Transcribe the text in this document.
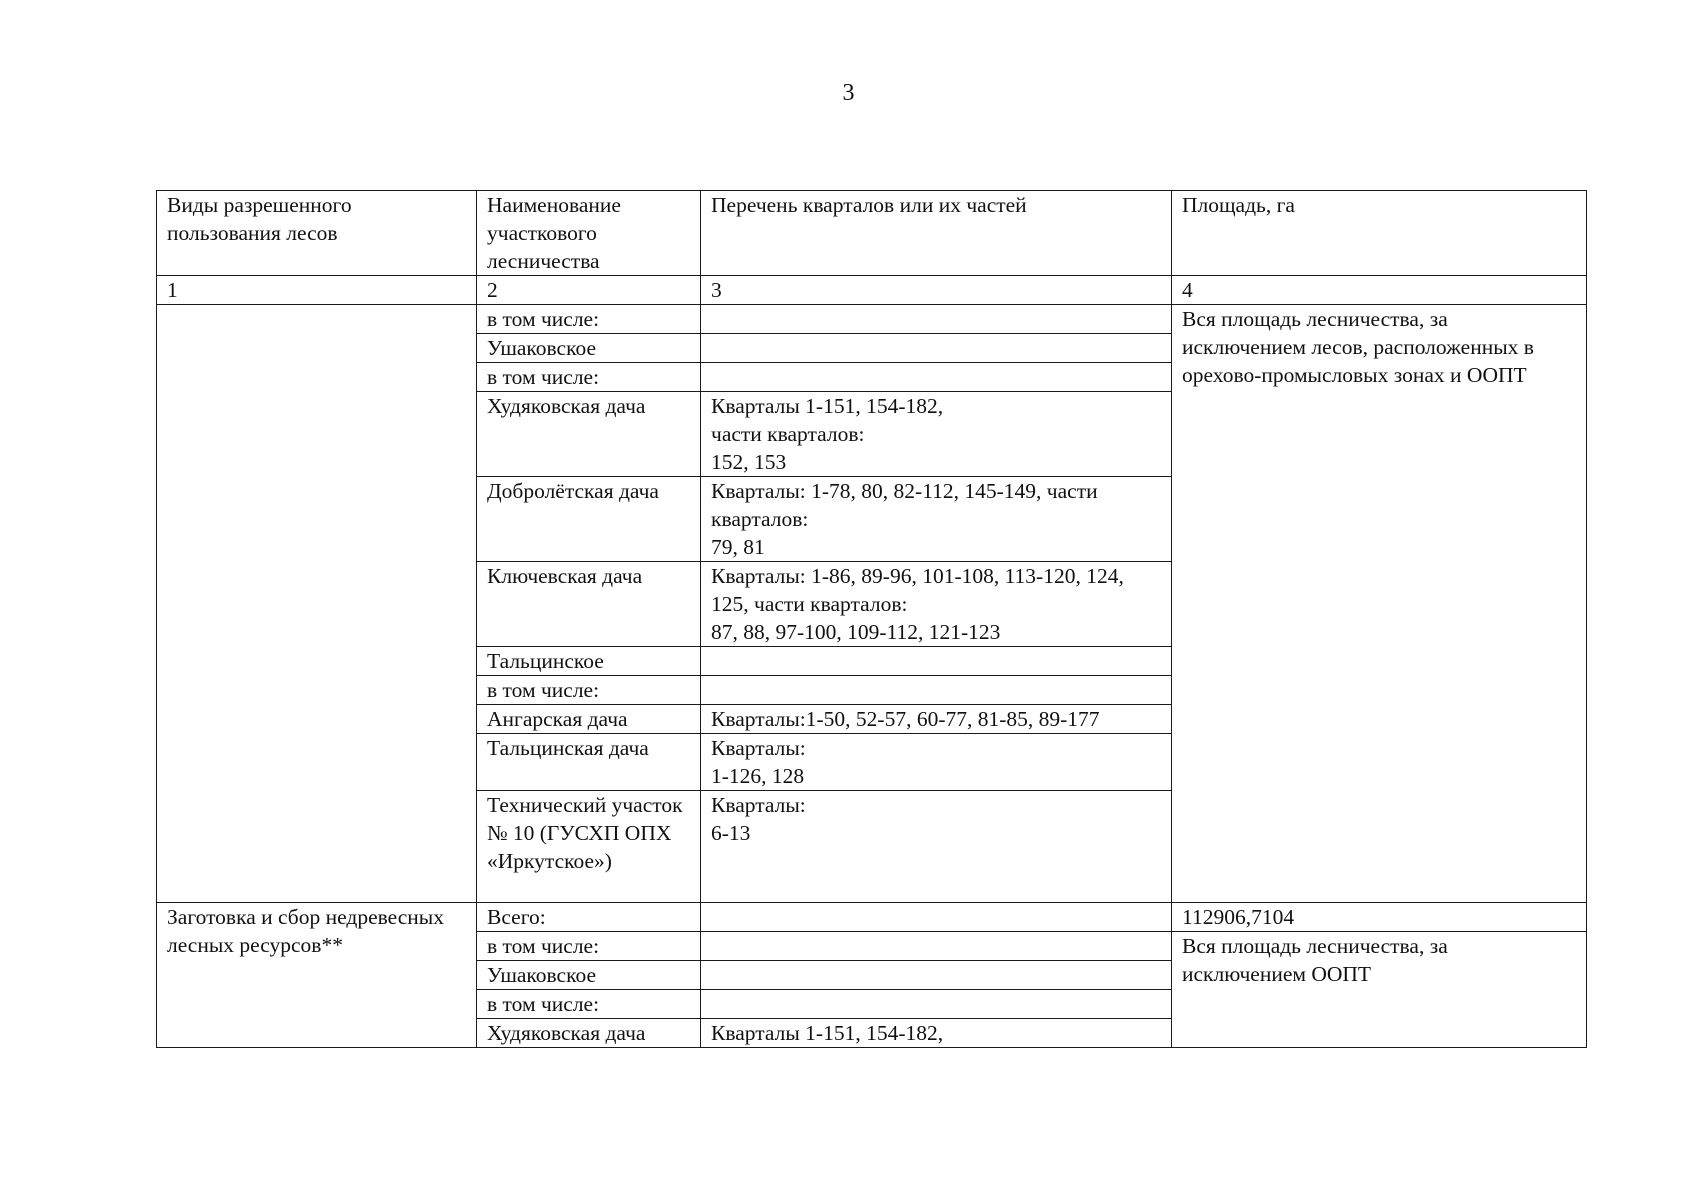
3
Виды разрешенного пользования лесов	Наименование участкового лесничества	Перечень кварталов или их частей	Площадь, га
1	2	3	4
	в том числе:		Вся площадь лесничества, за исключением лесов, расположенных в орехово-промысловых зонах и ООПТ
	Ушаковское		
	в том числе:		
	Худяковская дача	Кварталы 1-151, 154-182,
части кварталов:
152, 153	

	Добролётская дача	Кварталы: 1-78, 80, 82-112, 145-149, части кварталов:
79, 81	

	Ключевская дача	Кварталы: 1-86, 89-96, 101-108, 113-120, 124, 125, части кварталов:
87, 88, 97-100, 109-112, 121-123	

	Тальцинское		
	в том числе:		
	Ангарская дача	Кварталы:1-50, 52-57, 60-77, 81-85, 89-177	

	Тальцинская дача	Кварталы:
1-126, 128	

	Технический участок № 10 (ГУСХП ОПХ «Иркутское»)	Кварталы:
6-13	

Заготовка и сбор недревесных лесных ресурсов**	Всего:		112906,7104
	в том числе:		Вся площадь лесничества, за исключением ООПТ
	Ушаковское		
	в том числе:		
	Худяковская дача	Кварталы 1-151, 154-182,	
